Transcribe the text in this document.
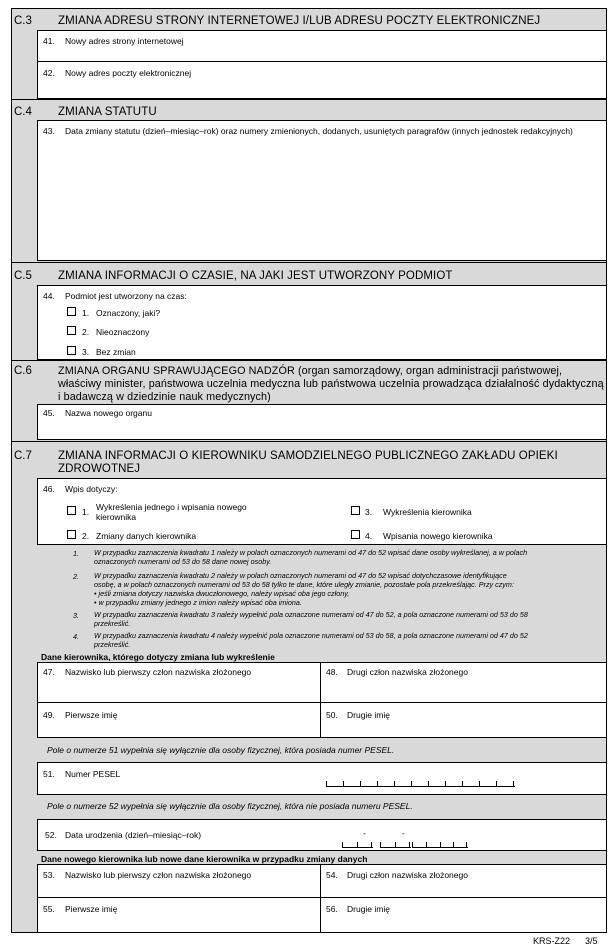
C.3 ZMIANA ADRESU STRONY INTERNETOWEJ I/LUB ADRESU POCZTY ELEKTRONICZNEJ
41. Nowy adres strony internetowej
42. Nowy adres poczty elektronicznej
C.4 ZMIANA STATUTU
43. Data zmiany statutu (dzień–miesiąc–rok) oraz numery zmienionych, dodanych, usuniętych paragrafów (innych jednostek redakcyjnych)
C.5 ZMIANA INFORMACJI O CZASIE, NA JAKI JEST UTWORZONY PODMIOT
44. Podmiot jest utworzony na czas:
1. Oznaczony, jaki?
2. Nieoznaczony
3. Bez zmian
C.6 ZMIANA ORGANU SPRAWUJĄCEGO NADZÓR (organ samorządowy, organ administracji państwowej,
właściwy minister, państwowa uczelnia medyczna lub państwowa uczelnia prowadząca działalność dydaktyczną
i badawczą w dziedzinie nauk medycznych)
45. Nazwa nowego organu
C.7 ZMIANA INFORMACJI O KIEROWNIKU SAMODZIELNEGO PUBLICZNEGO ZAKŁADU OPIEKI
ZDROWOTNEJ
46. Wpis dotyczy:
1. Wykreślenia jednego i wpisania nowego
kierownika
2. Zmiany danych kierownika
3. Wykreślenia kierownika
4. Wpisania nowego kierownika
1. W przypadku zaznaczenia kwadratu 1 należy w polach oznaczonych numerami od 47 do 52 wpisać dane osoby wykreślanej, a w polach
oznaczonych numerami od 53 do 58 dane nowej osoby.
2. W przypadku zaznaczenia kwadratu 2 należy w polach oznaczonych numerami od 47 do 52 wpisać dotychczasowe identyfikujące
osobę, a w polach oznaczonych numerami od 53 do 58 tylko te dane, które uległy zmianie, pozostałe pola przekreślając. Przy czym:
• jeśli zmiana dotyczy nazwiska dwuczłonowego, należy wpisać oba jego człony,
• w przypadku zmiany jednego z imion należy wpisać oba imiona.
3. W przypadku zaznaczenia kwadratu 3 należy wypełnić pola oznaczone numerami od 47 do 52, a pola oznaczone numerami od 53 do 58
przekreślić.
4. W przypadku zaznaczenia kwadratu 4 należy wypełnić pola oznaczone numerami od 53 do 58, a pola oznaczone numerami od 47 do 52
przekreślić.
Dane kierownika, którego dotyczy zmiana lub wykreślenie
47. Nazwisko lub pierwszy człon nazwiska złożonego	48. Drugi człon nazwiska złożonego
49. Pierwsze imię	50. Drugie imię
Pole o numerze 51 wypełnia się wyłącznie dla osoby fizycznej, która posiada numer PESEL.
51. Numer PESEL
Pole o numerze 52 wypełnia się wyłącznie dla osoby fizycznej, która nie posiada numeru PESEL.
52. Data urodzenia (dzień–miesiąc–rok)	-	-
Dane nowego kierownika lub nowe dane kierownika w przypadku zmiany danych
53. Nazwisko lub pierwszy człon nazwiska złożonego	54. Drugi człon nazwiska złożonego
55. Pierwsze imię	56. Drugie imię
KRS-Z22 3/5
